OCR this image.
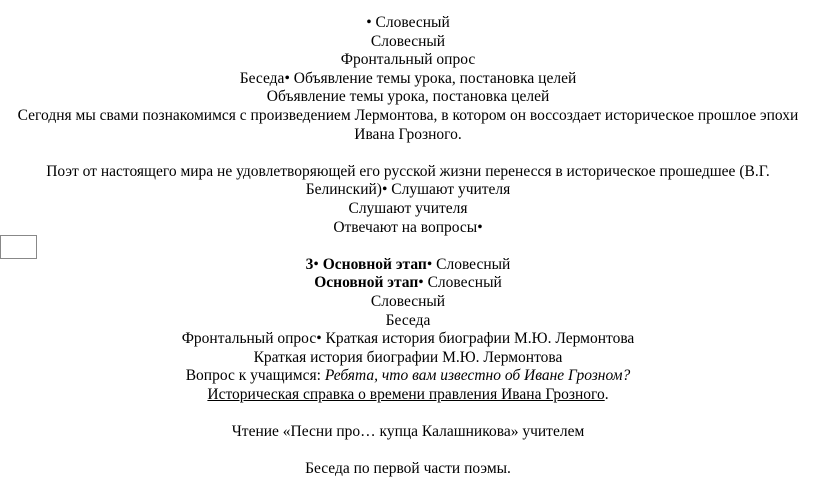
• Словесный
Словесный
Фронтальный опрос
Беседа• Объявление темы урока, постановка целей
Объявление темы урока, постановка целей
Сегодня мы свами познакомимся с произведением Лермонтова, в котором он воссоздает историческое прошлое эпохи
Ивана Грозного.
Поэт от настоящего мира не удовлетворяющей его русской жизни перенесся в историческое прошедшее (В.Г.
Белинский)• Слушают учителя
Слушают учителя
Отвечают на вопросы•
3• Основной этап• Словесный
Основной этап• Словесный
Словесный
Беседа
Фронтальный опрос• Краткая история биографии М.Ю. Лермонтова
Краткая история биографии М.Ю. Лермонтова
Вопрос к учащимся: Ребята, что вам известно об Иване Грозном?
Историческая справка о времени правления Ивана Грозного.
Чтение «Песни про… купца Калашникова» учителем
Беседа по первой части поэмы.
